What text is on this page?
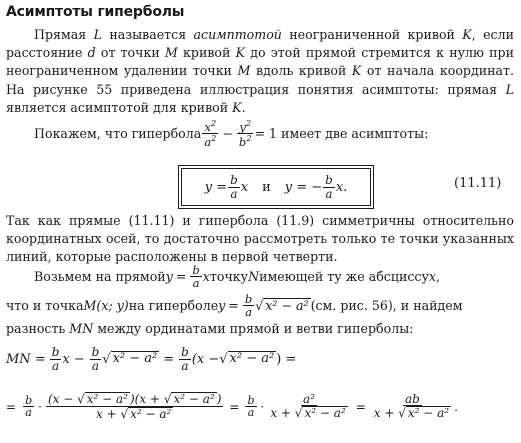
Асимптоты гиперболы
Прямая L называется асимптотой неограниченной кривой K, если расстояние d от точки M кривой K до этой прямой стремится к нулю при неограниченном удалении точки M вдоль кривой K от начала координат. На рисунке 55 приведена иллюстрация понятия асимптоты: прямая L является асимптотой для кривой K.
Покажем, что гипербола $\frac{x^2}{a^2} - \frac{y^2}{b^2} = 1$ имеет две асимптоты:
$y = \frac{b}{a}$ x и y = − $\frac{b}{a} x$.	(11.11)
Так как прямые (11.11) и гипербола (11.9) симметричны относительно координатных осей, то достаточно рассмотреть только те точки указанных линий, которые расположены в первой четверти.
Возьмем на прямой $y = \frac{b}{a}$ x точку N имеющей ту же абсциссу x ,
что и точка M(x; y) на гиперболе $y = \frac{b}{a}$ √ x² − a² (см. рис. 56), и найдем
разность MN между ординатами прямой и ветви гиперболы:
MN = $\frac{b}{a}$ $x - \frac{b}{a}$ √ $x^2 - a^2 = \frac{b}{a} (x$ − √ x² − a² ) =
= $\frac{b}{a} \cdot \frac{\text{(x − √ x² − a² )(x + √ x² − a² )}}{\text{x + √ x² − a²}} = \frac{b}{a} \cdot \frac{\text{a²}}{\text{x + √ x² − a²}} = \frac{ab}{\text{x + √ x² − a²}}$ .
